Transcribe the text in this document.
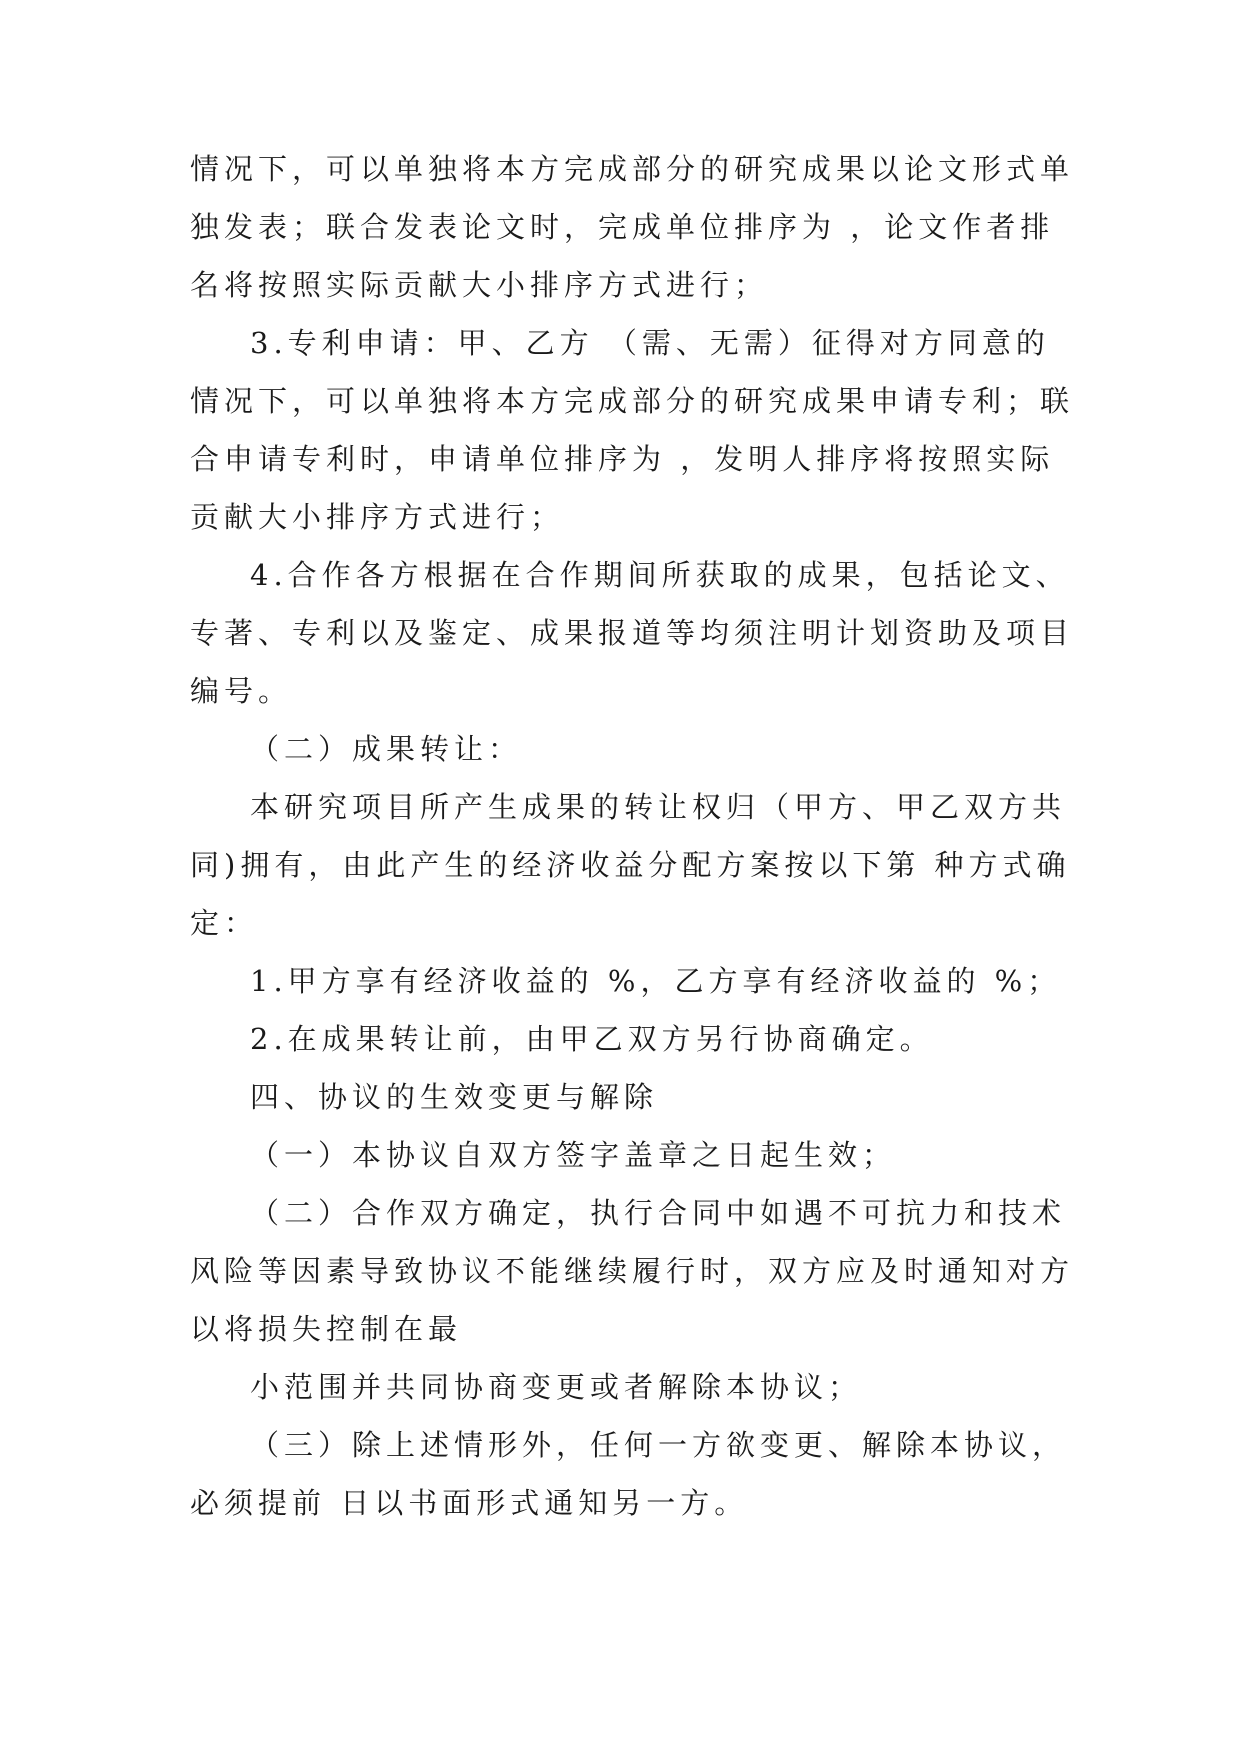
情况下，可以单独将本方完成部分的研究成果以论文形式单
独发表；联合发表论文时，完成单位排序为 ，论文作者排
名将按照实际贡献大小排序方式进行；
3.专利申请：甲、乙方 （需、无需）征得对方同意的
情况下，可以单独将本方完成部分的研究成果申请专利；联
合申请专利时，申请单位排序为 ，发明人排序将按照实际
贡献大小排序方式进行；
4.合作各方根据在合作期间所获取的成果，包括论文、
专著、专利以及鉴定、成果报道等均须注明计划资助及项目
编号。
（二）成果转让：
本研究项目所产生成果的转让权归（甲方、甲乙双方共
同)拥有，由此产生的经济收益分配方案按以下第 种方式确
定：
1.甲方享有经济收益的 %，乙方享有经济收益的 %；
2.在成果转让前，由甲乙双方另行协商确定。
四、协议的生效变更与解除
（一）本协议自双方签字盖章之日起生效；
（二）合作双方确定，执行合同中如遇不可抗力和技术
风险等因素导致协议不能继续履行时，双方应及时通知对方
以将损失控制在最
小范围并共同协商变更或者解除本协议；
（三）除上述情形外，任何一方欲变更、解除本协议，
必须提前 日以书面形式通知另一方。
